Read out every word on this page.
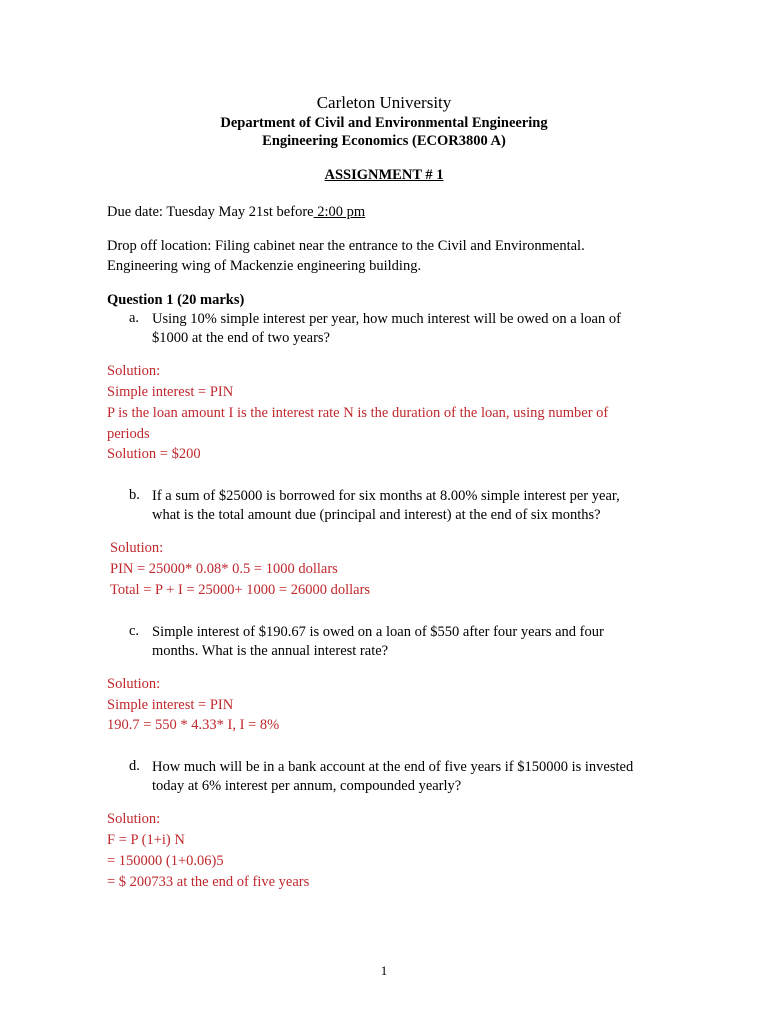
Carleton University
Department of Civil and Environmental Engineering
Engineering Economics (ECOR3800 A)
ASSIGNMENT # 1
Due date: Tuesday May 21st before 2:00 pm
Drop off location: Filing cabinet near the entrance to the Civil and Environmental.
Engineering wing of Mackenzie engineering building.
Question 1 (20 marks)
a. Using 10% simple interest per year, how much interest will be owed on a loan of
$1000 at the end of two years?
Solution:
Simple interest = PIN
P is the loan amount I is the interest rate N is the duration of the loan, using number of
periods
Solution = $200
b. If a sum of $25000 is borrowed for six months at 8.00% simple interest per year,
what is the total amount due (principal and interest) at the end of six months?
Solution:
PIN = 25000* 0.08* 0.5 = 1000 dollars
Total = P + I = 25000+ 1000 = 26000 dollars
c. Simple interest of $190.67 is owed on a loan of $550 after four years and four
months. What is the annual interest rate?
Solution:
Simple interest = PIN
190.7 = 550 * 4.33* I, I = 8%
d. How much will be in a bank account at the end of five years if $150000 is invested
today at 6% interest per annum, compounded yearly?
Solution:
F = P (1+i) N
= 150000 (1+0.06)5
= $ 200733 at the end of five years
1
